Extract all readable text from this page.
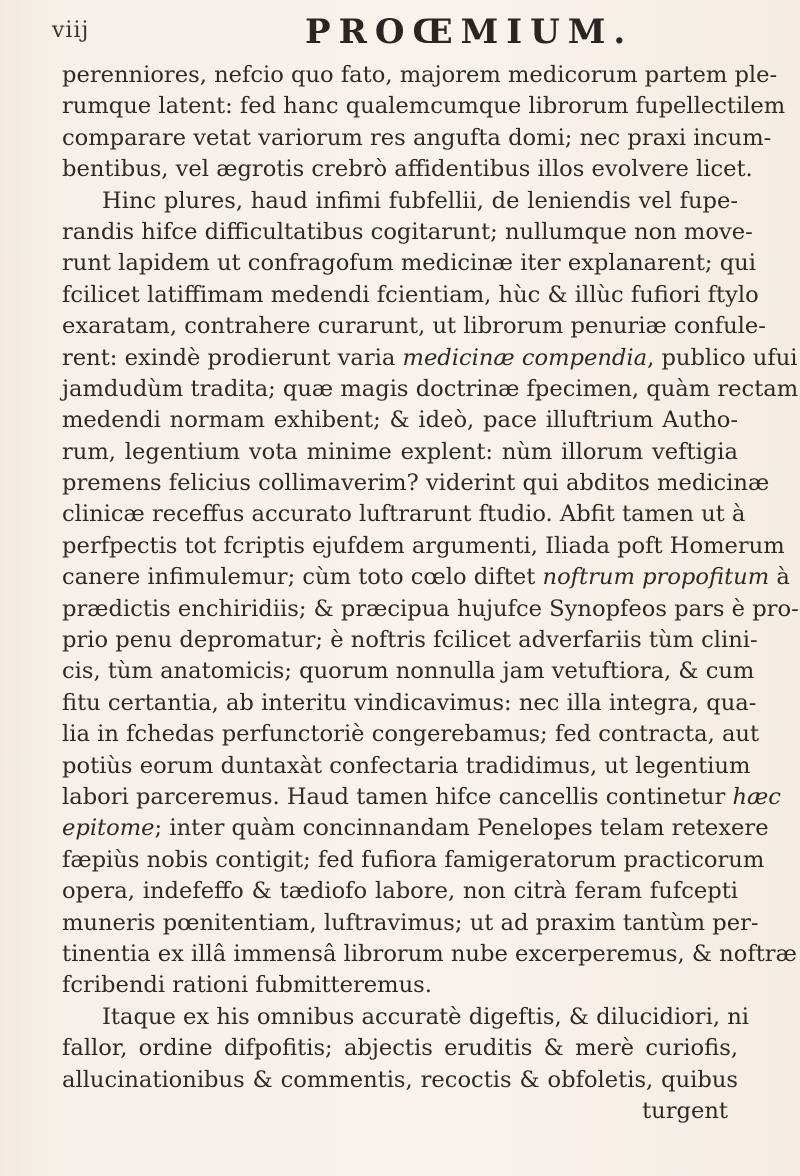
viij	PROŒMIUM.
perenniores, nefcio quo fato, majorem medicorum partem ple-
rumque latent: fed hanc qualemcumque librorum fupellectilem
comparare vetat variorum res angufta domi; nec praxi incum-
bentibus, vel ægrotis crebrò affidentibus illos evolvere licet.
Hinc plures, haud infimi fubfellii, de leniendis vel fupe-
randis hifce difficultatibus cogitarunt; nullumque non move-
runt lapidem ut confragofum medicinæ iter explanarent; qui
fcilicet latiffimam medendi fcientiam, hùc & illùc fufiori ftylo
exaratam, contrahere curarunt, ut librorum penuriæ confule-
rent: exindè prodierunt varia medicinæ compendia, publico ufui
jamdudùm tradita; quæ magis doctrinæ fpecimen, quàm rectam
medendi normam exhibent; & ideò, pace illuftrium Autho-
rum, legentium vota minime explent: nùm illorum veftigia
premens felicius collimaverim? viderint qui abditos medicinæ
clinicæ receffus accurato luftrarunt ftudio. Abfit tamen ut à
perfpectis tot fcriptis ejufdem argumenti, Iliada poft Homerum
canere infimulemur; cùm toto cœlo diftet noftrum propofitum à
prædictis enchiridiis; & præcipua hujufce Synopfeos pars è pro-
prio penu depromatur; è noftris fcilicet adverfariis tùm clini-
cis, tùm anatomicis; quorum nonnulla jam vetuftiora, & cum
fitu certantia, ab interitu vindicavimus: nec illa integra, qua-
lia in fchedas perfunctoriè congerebamus; fed contracta, aut
potiùs eorum duntaxàt confectaria tradidimus, ut legentium
labori parceremus. Haud tamen hifce cancellis continetur hæc
epitome; inter quàm concinnandam Penelopes telam retexere
fæpiùs nobis contigit; fed fufiora famigeratorum practicorum
opera, indefeffo & tædiofo labore, non citrà feram fufcepti
muneris pœnitentiam, luftravimus; ut ad praxim tantùm per-
tinentia ex illâ immensâ librorum nube excerperemus, & noftræ
fcribendi rationi fubmitteremus.
Itaque ex his omnibus accuratè digeftis, & dilucidiori, ni
fallor, ordine difpofitis; abjectis eruditis & merè curiofis,
allucinationibus & commentis, recoctis & obfoletis, quibus
turgent
